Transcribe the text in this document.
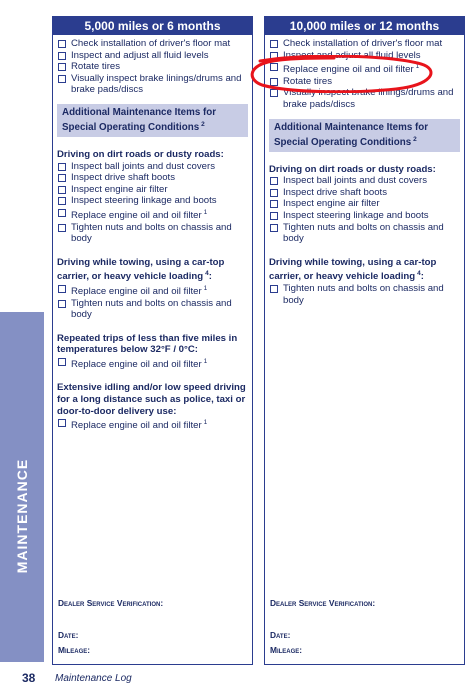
MAINTENANCE
5,000 miles or 6 months
Check installation of driver's floor mat
Inspect and adjust all fluid levels
Rotate tires
Visually inspect brake linings/drums and brake pads/discs
Additional Maintenance Items for Special Operating Conditions $^2$
Driving on dirt roads or dusty roads:
Inspect ball joints and dust covers
Inspect drive shaft boots
Inspect engine air filter
Inspect steering linkage and boots
Replace engine oil and oil filter $^1$
Tighten nuts and bolts on chassis and body
Driving while towing, using a car-top carrier, or heavy vehicle loading $^4$:
Replace engine oil and oil filter $^1$
Tighten nuts and bolts on chassis and body
Repeated trips of less than five miles in temperatures below 32°F / 0°C:
Replace engine oil and oil filter $^1$
Extensive idling and/or low speed driving for a long distance such as police, taxi or door-to-door delivery use:
Replace engine oil and oil filter $^1$
Dealer Service Verification:
Date:
Mileage:
10,000 miles or 12 months
Check installation of driver's floor mat
Inspect and adjust all fluid levels
Replace engine oil and oil filter $^1$
Rotate tires
Visually inspect brake linings/drums and brake pads/discs
Additional Maintenance Items for Special Operating Conditions $^2$
Driving on dirt roads or dusty roads:
Inspect ball joints and dust covers
Inspect drive shaft boots
Inspect engine air filter
Inspect steering linkage and boots
Tighten nuts and bolts on chassis and body
Driving while towing, using a car-top carrier, or heavy vehicle loading $^4$:
Tighten nuts and bolts on chassis and body
Dealer Service Verification:
Date:
Mileage:
38 Maintenance Log
